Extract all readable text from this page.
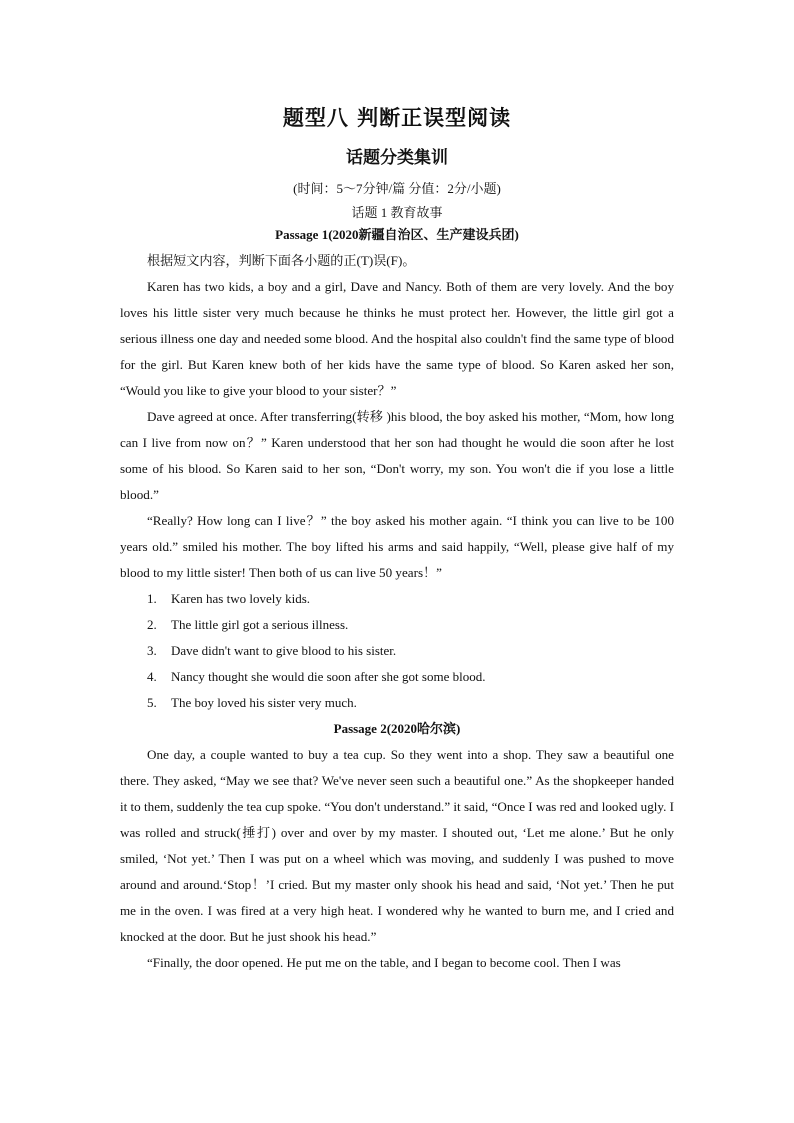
题型八 判断正误型阅读
话题分类集训
(时间：5～7分钟/篇 分值：2分/小题)
话题 1 教育故事
Passage 1(2020新疆自治区、生产建设兵团)

根据短文内容，判断下面各小题的正(T)误(F)。

Karen has two kids, a boy and a girl, Dave and Nancy. Both of them are very lovely. And the boy loves his little sister very much because he thinks he must protect her. However, the little girl got a serious illness one day and needed some blood. And the hospital also couldn't find the same type of blood for the girl. But Karen knew both of her kids have the same type of blood. So Karen asked her son, “Would you like to give your blood to your sister？”

Dave agreed at once. After transferring(转移 )his blood, the boy asked his mother, “Mom, how long can I live from now on？” Karen understood that her son had thought he would die soon after he lost some of his blood. So Karen said to her son, “Don't worry, my son. You won't die if you lose a little blood.”

“Really? How long can I live？” the boy asked his mother again. “I think you can live to be 100 years old.” smiled his mother. The boy lifted his arms and said happily, “Well, please give half of my blood to my little sister! Then both of us can live 50 years！”

1.	Karen has two lovely kids.
2.	The little girl got a serious illness.
3.	Dave didn't want to give blood to his sister.
4.	Nancy thought she would die soon after she got some blood.
5.	The boy loved his sister very much.
Passage 2(2020哈尔滨)

One day, a couple wanted to buy a tea cup. So they went into a shop. They saw a beautiful one there. They asked, “May we see that? We've never seen such a beautiful one.” As the shopkeeper handed it to them, suddenly the tea cup spoke. “You don't understand.” it said, “Once I was red and looked ugly. I was rolled and struck(捶打) over and over by my master. I shouted out, ‘Let me alone.’ But he only smiled, ‘Not yet.’ Then I was put on a wheel which was moving, and suddenly I was pushed to move around and around.‘Stop！’I cried. But my master only shook his head and said, ‘Not yet.’ Then he put me in the oven. I was fired at a very high heat. I wondered why he wanted to burn me, and I cried and knocked at the door. But he just shook his head.”

“Finally, the door opened. He put me on the table, and I began to become cool. Then I was
